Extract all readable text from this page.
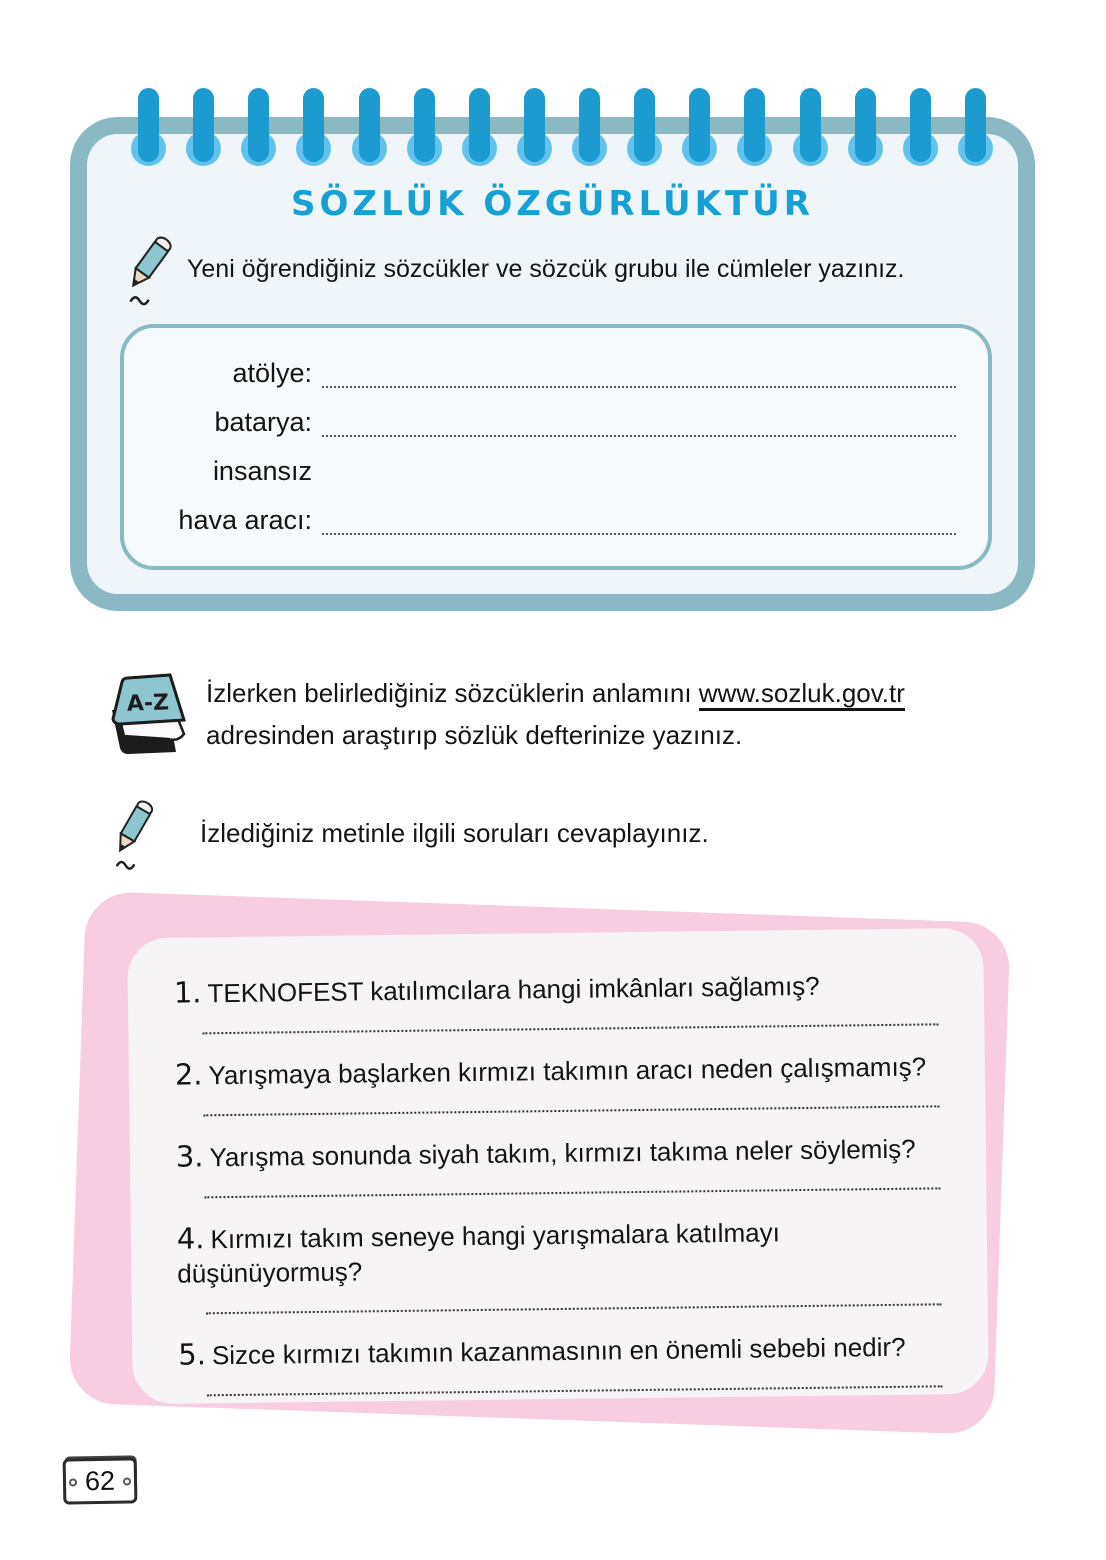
SÖZLÜK ÖZGÜRLÜKTÜR
Yeni öğrendiğiniz sözcükler ve sözcük grubu ile cümleler yazınız.
atölye:
batarya:
insansız
hava aracı:
A-Z İzlerken belirlediğiniz sözcüklerin anlamını www.sozluk.gov.tr adresinden araştırıp sözlük defterinize yazınız.
İzlediğiniz metinle ilgili soruları cevaplayınız.
1. TEKNOFEST katılımcılara hangi imkânları sağlamış?
2. Yarışmaya başlarken kırmızı takımın aracı neden çalışmamış?
3. Yarışma sonunda siyah takım, kırmızı takıma neler söylemiş?
4. Kırmızı takım seneye hangi yarışmalara katılmayı düşünüyormuş?
5. Sizce kırmızı takımın kazanmasının en önemli sebebi nedir?
62
